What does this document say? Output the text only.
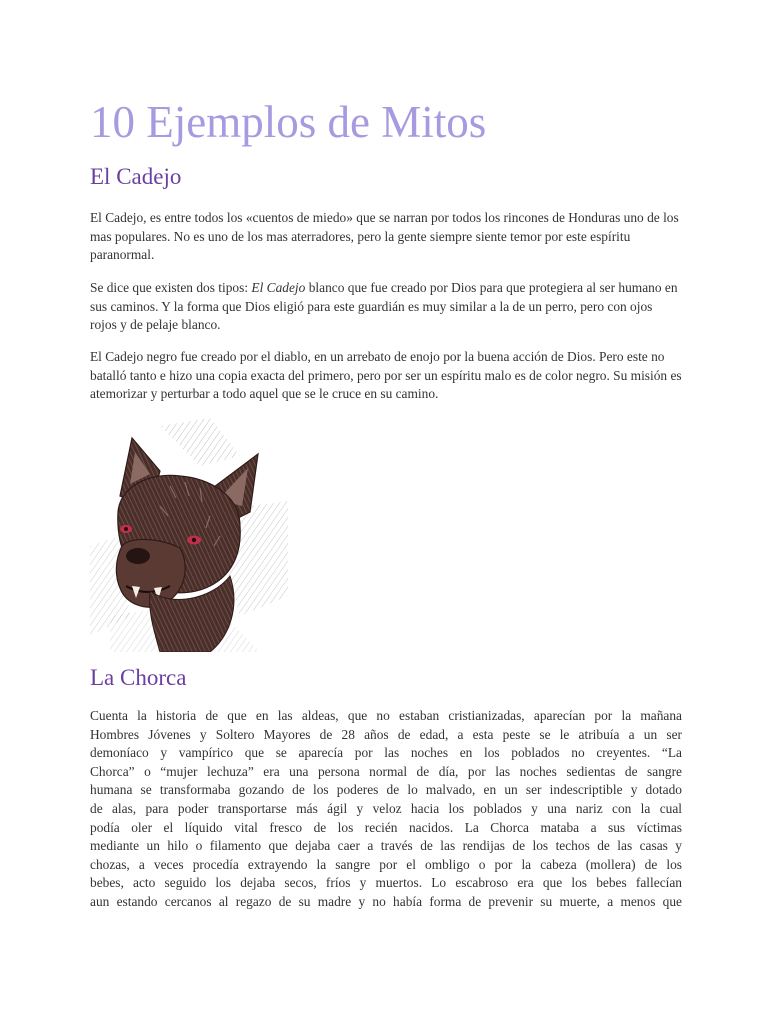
10 Ejemplos de Mitos
El Cadejo

El Cadejo, es entre todos los «cuentos de miedo» que se narran por todos los rincones de Honduras uno de los mas populares. No es uno de los mas aterradores, pero la gente siempre siente temor por este espíritu paranormal.

Se dice que existen dos tipos: El Cadejo blanco que fue creado por Dios para que protegiera al ser humano en sus caminos. Y la forma que Dios eligió para este guardián es muy similar a la de un perro, pero con ojos rojos y de pelaje blanco.

El Cadejo negro fue creado por el diablo, en un arrebato de enojo por la buena acción de Dios. Pero este no batalló tanto e hizo una copia exacta del primero, pero por ser un espíritu malo es de color negro. Su misión es atemorizar y perturbar a todo aquel que se le cruce en su camino.

La Chorca

Cuenta la historia de que en las aldeas, que no estaban cristianizadas, aparecían por la mañana
Hombres Jóvenes y Soltero Mayores de 28 años de edad, a esta peste se le atribuía a un ser
demoníaco y vampírico que se aparecía por las noches en los poblados no creyentes. “La
Chorca” o “mujer lechuza” era una persona normal de día, por las noches sedientas de sangre
humana se transformaba gozando de los poderes de lo malvado, en un ser indescriptible y dotado
de alas, para poder transportarse más ágil y veloz hacia los poblados y una nariz con la cual
podía oler el líquido vital fresco de los recién nacidos. La Chorca mataba a sus víctimas
mediante un hilo o filamento que dejaba caer a través de las rendijas de los techos de las casas y
chozas, a veces procedía extrayendo la sangre por el ombligo o por la cabeza (mollera) de los
bebes, acto seguido los dejaba secos, fríos y muertos. Lo escabroso era que los bebes fallecían
aun estando cercanos al regazo de su madre y no había forma de prevenir su muerte, a menos que
